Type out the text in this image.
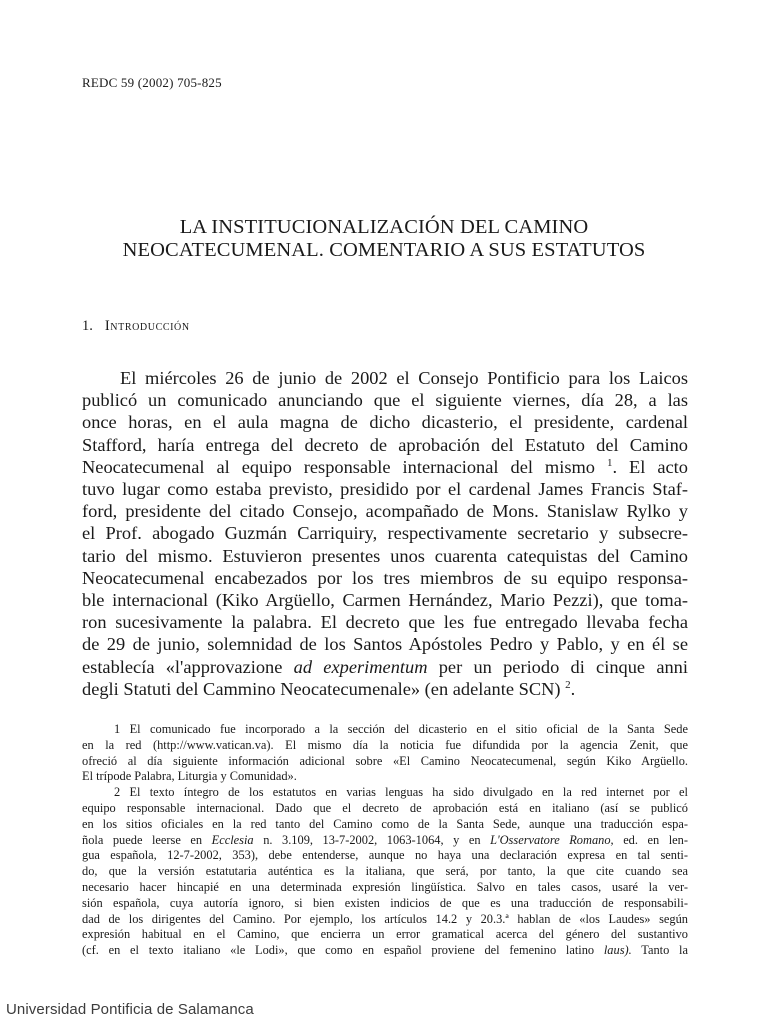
REDC 59 (2002) 705-825
LA INSTITUCIONALIZACIÓN DEL CAMINO
NEOCATECUMENAL. COMENTARIO A SUS ESTATUTOS
1. Introducción
El miércoles 26 de junio de 2002 el Consejo Pontificio para los Laicos
publicó un comunicado anunciando que el siguiente viernes, día 28, a las
once horas, en el aula magna de dicho dicasterio, el presidente, cardenal
Stafford, haría entrega del decreto de aprobación del Estatuto del Camino
Neocatecumenal al equipo responsable internacional del mismo $^1$. El acto
tuvo lugar como estaba previsto, presidido por el cardenal James Francis Staf-
ford, presidente del citado Consejo, acompañado de Mons. Stanislaw Rylko y
el Prof. abogado Guzmán Carriquiry, respectivamente secretario y subsecre-
tario del mismo. Estuvieron presentes unos cuarenta catequistas del Camino
Neocatecumenal encabezados por los tres miembros de su equipo responsa-
ble internacional (Kiko Argüello, Carmen Hernández, Mario Pezzi), que toma-
ron sucesivamente la palabra. El decreto que les fue entregado llevaba fecha
de 29 de junio, solemnidad de los Santos Apóstoles Pedro y Pablo, y en él se
establecía «l'approvazione ad experimentum per un periodo di cinque anni
degli Statuti del Cammino Neocatecumenale» (en adelante SCN) $^2$.
1 El comunicado fue incorporado a la sección del dicasterio en el sitio oficial de la Santa Sede
en la red (http://www.vatican.va). El mismo día la noticia fue difundida por la agencia Zenit, que
ofreció al día siguiente información adicional sobre «El Camino Neocatecumenal, según Kiko Argüello.
El trípode Palabra, Liturgia y Comunidad».
2 El texto íntegro de los estatutos en varias lenguas ha sido divulgado en la red internet por el
equipo responsable internacional. Dado que el decreto de aprobación está en italiano (así se publicó
en los sitios oficiales en la red tanto del Camino como de la Santa Sede, aunque una traducción espa-
ñola puede leerse en Ecclesia n. 3.109, 13-7-2002, 1063-1064, y en L'Osservatore Romano, ed. en len-
gua española, 12-7-2002, 353), debe entenderse, aunque no haya una declaración expresa en tal senti-
do, que la versión estatutaria auténtica es la italiana, que será, por tanto, la que cite cuando sea
necesario hacer hincapié en una determinada expresión lingüística. Salvo en tales casos, usaré la ver-
sión española, cuya autoría ignoro, si bien existen indicios de que es una traducción de responsabili-
dad de los dirigentes del Camino. Por ejemplo, los artículos 14.2 y 20.3.ª hablan de «los Laudes» según
expresión habitual en el Camino, que encierra un error gramatical acerca del género del sustantivo
(cf. en el texto italiano «le Lodi», que como en español proviene del femenino latino laus). Tanto la
Universidad Pontificia de Salamanca
